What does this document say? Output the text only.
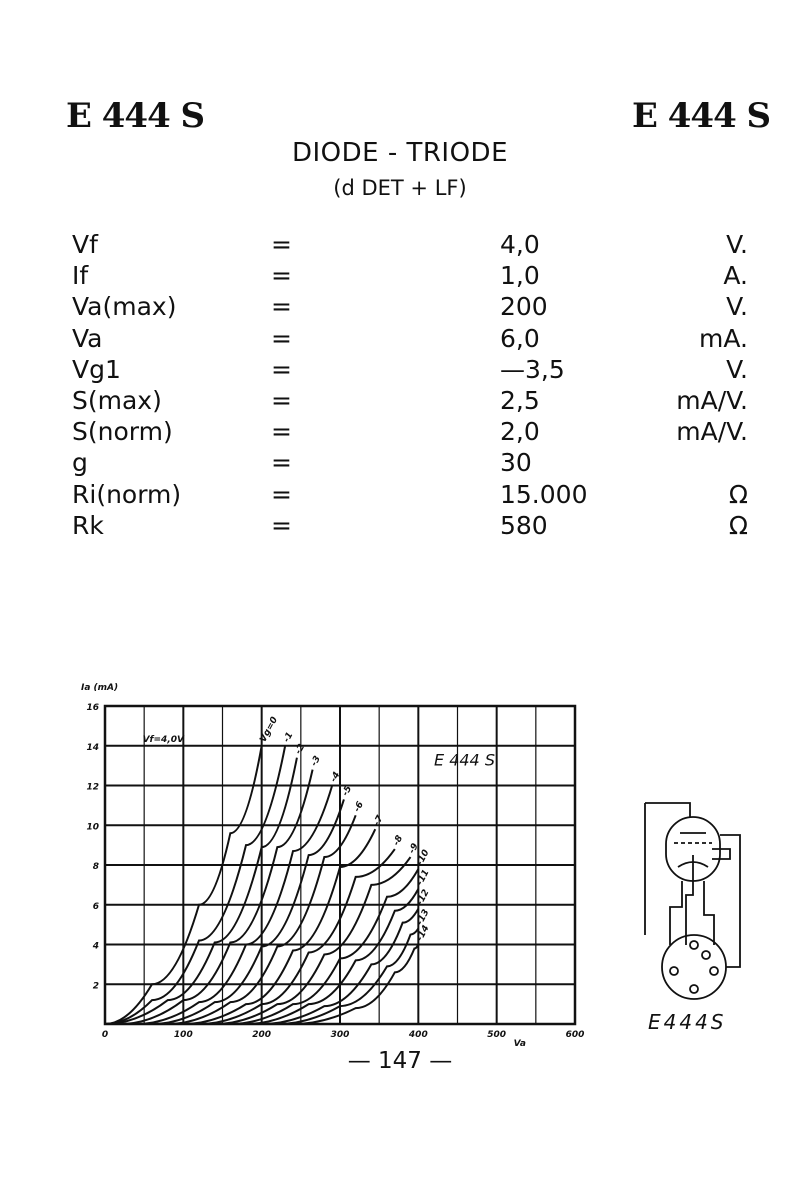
E 444 S	E 444 S
DIODE - TRIODE
(d DET + LF)
Vf	=	4,0	V.
If	=	1,0	A.
Va(max)	=	200	V.
Va	=	6,0	mA.
Vg1	=	—3,5	V.
S(max)	=	2,5	mA/V.
S(norm)	=	2,0	mA/V.
g	=	30
Ri(norm)	=	15.000	Ω
Rk	=	580	Ω
2
4
6
8
10
12
14
16
0	100	200	300	400	500	600
Ia (mA)
Va
E 444 S
Vf=4,0V	Vg=0 -1
-2
-3
-4
-5
-6
-7
-8
-9
-10
-11
-12
-13
-14
E444S
— 147 —
